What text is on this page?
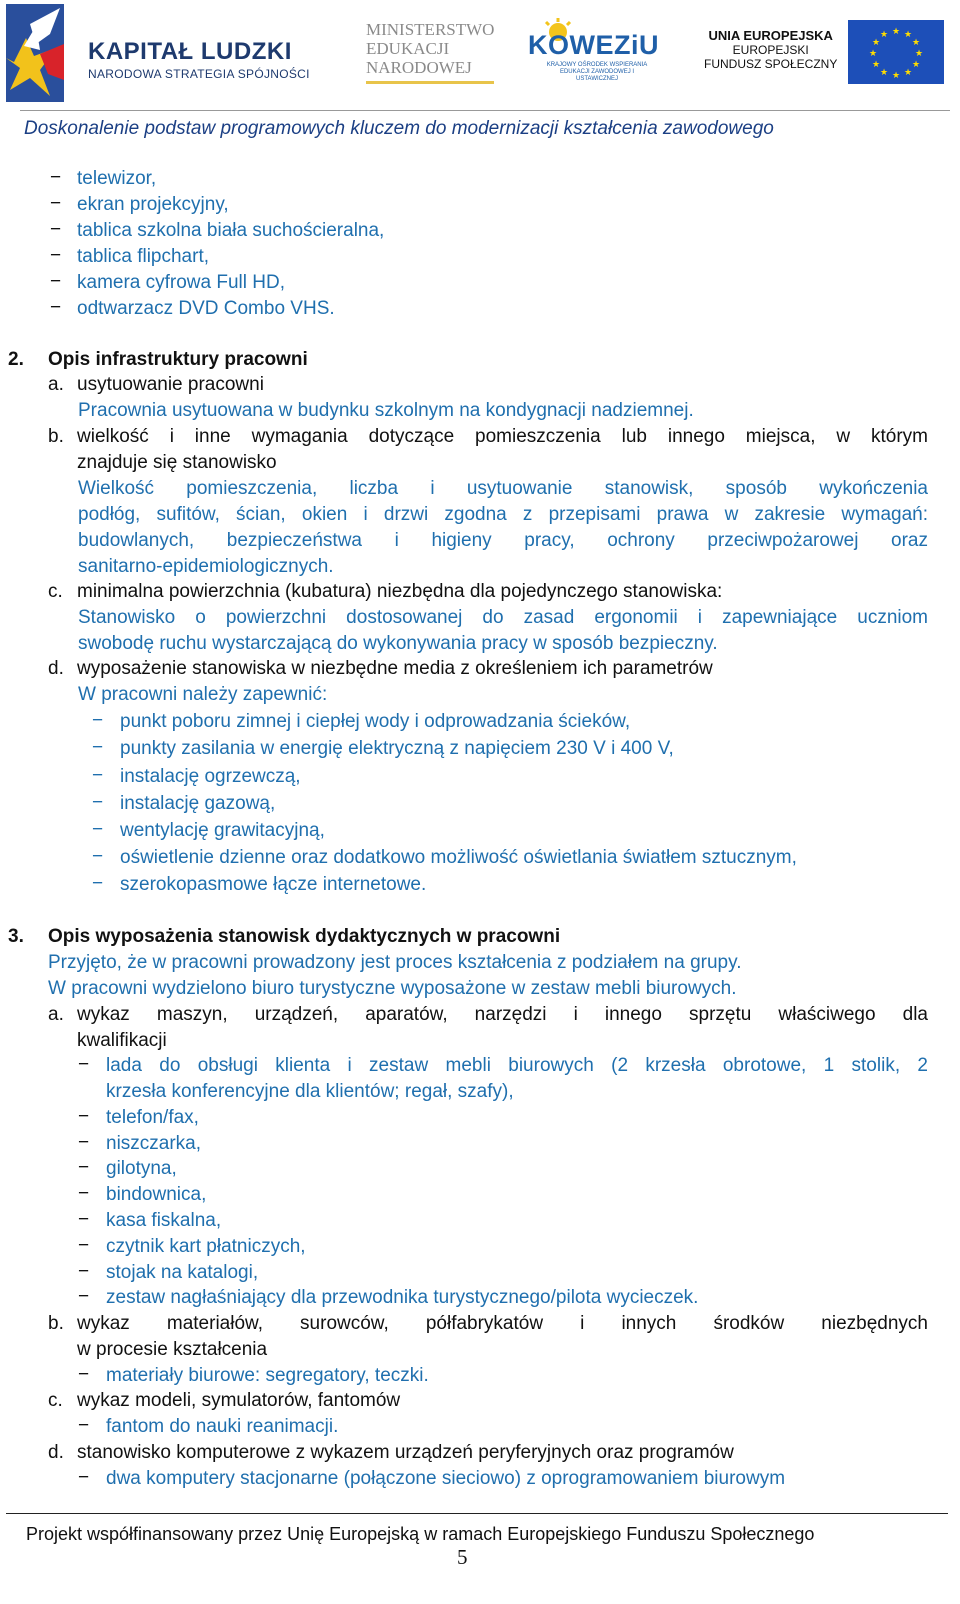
KAPITAŁ LUDZKI
NARODOWA STRATEGIA SPÓJNOŚCI
MINISTERSTWO
EDUKACJI
NARODOWEJ
KOWEZiU
KRAJOWY OŚRODEK WSPIERANIA EDUKACJI ZAWODOWEJ I USTAWICZNEJ
UNIA EUROPEJSKA
EUROPEJSKI
FUNDUSZ SPOŁECZNY
★ ★
★
★
★
★
★
★
★
★
★
★
Doskonalenie podstaw programowych kluczem do modernizacji kształcenia zawodowego
− telewizor,
− ekran projekcyjny,
− tablica szkolna biała suchościeralna,
− tablica flipchart,
− kamera cyfrowa Full HD,
− odtwarzacz DVD Combo VHS.
2. Opis infrastruktury pracowni
a. usytuowanie pracowni
Pracownia usytuowana w budynku szkolnym na kondygnacji nadziemnej.
b. wielkość i inne wymagania dotyczące pomieszczenia lub innego miejsca, w którym
znajduje się stanowisko
Wielkość pomieszczenia, liczba i usytuowanie stanowisk, sposób wykończenia
podłóg, sufitów, ścian, okien i drzwi zgodna z przepisami prawa w zakresie wymagań:
budowlanych, bezpieczeństwa i higieny pracy, ochrony przeciwpożarowej oraz
sanitarno-epidemiologicznych.
c. minimalna powierzchnia (kubatura) niezbędna dla pojedynczego stanowiska:
Stanowisko o powierzchni dostosowanej do zasad ergonomii i zapewniające uczniom
swobodę ruchu wystarczającą do wykonywania pracy w sposób bezpieczny.
d. wyposażenie stanowiska w niezbędne media z określeniem ich parametrów
W pracowni należy zapewnić:
− punkt poboru zimnej i ciepłej wody i odprowadzania ścieków,
− punkty zasilania w energię elektryczną z napięciem 230 V i 400 V,
− instalację ogrzewczą,
− instalację gazową,
− wentylację grawitacyjną,
− oświetlenie dzienne oraz dodatkowo możliwość oświetlania światłem sztucznym,
− szerokopasmowe łącze internetowe.
3. Opis wyposażenia stanowisk dydaktycznych w pracowni
Przyjęto, że w pracowni prowadzony jest proces kształcenia z podziałem na grupy.
W pracowni wydzielono biuro turystyczne wyposażone w zestaw mebli biurowych.
a. wykaz maszyn, urządzeń, aparatów, narzędzi i innego sprzętu właściwego dla
kwalifikacji
− lada do obsługi klienta i zestaw mebli biurowych (2 krzesła obrotowe, 1 stolik, 2
krzesła konferencyjne dla klientów; regał, szafy),
− telefon/fax,
− niszczarka,
− gilotyna,
− bindownica,
− kasa fiskalna,
− czytnik kart płatniczych,
− stojak na katalogi,
− zestaw nagłaśniający dla przewodnika turystycznego/pilota wycieczek.
b. wykaz materiałów, surowców, półfabrykatów i innych środków niezbędnych
w procesie kształcenia
− materiały biurowe: segregatory, teczki.
c. wykaz modeli, symulatorów, fantomów
− fantom do nauki reanimacji.
d. stanowisko komputerowe z wykazem urządzeń peryferyjnych oraz programów
− dwa komputery stacjonarne (połączone sieciowo) z oprogramowaniem biurowym
Projekt współfinansowany przez Unię Europejską w ramach Europejskiego Funduszu Społecznego
5
